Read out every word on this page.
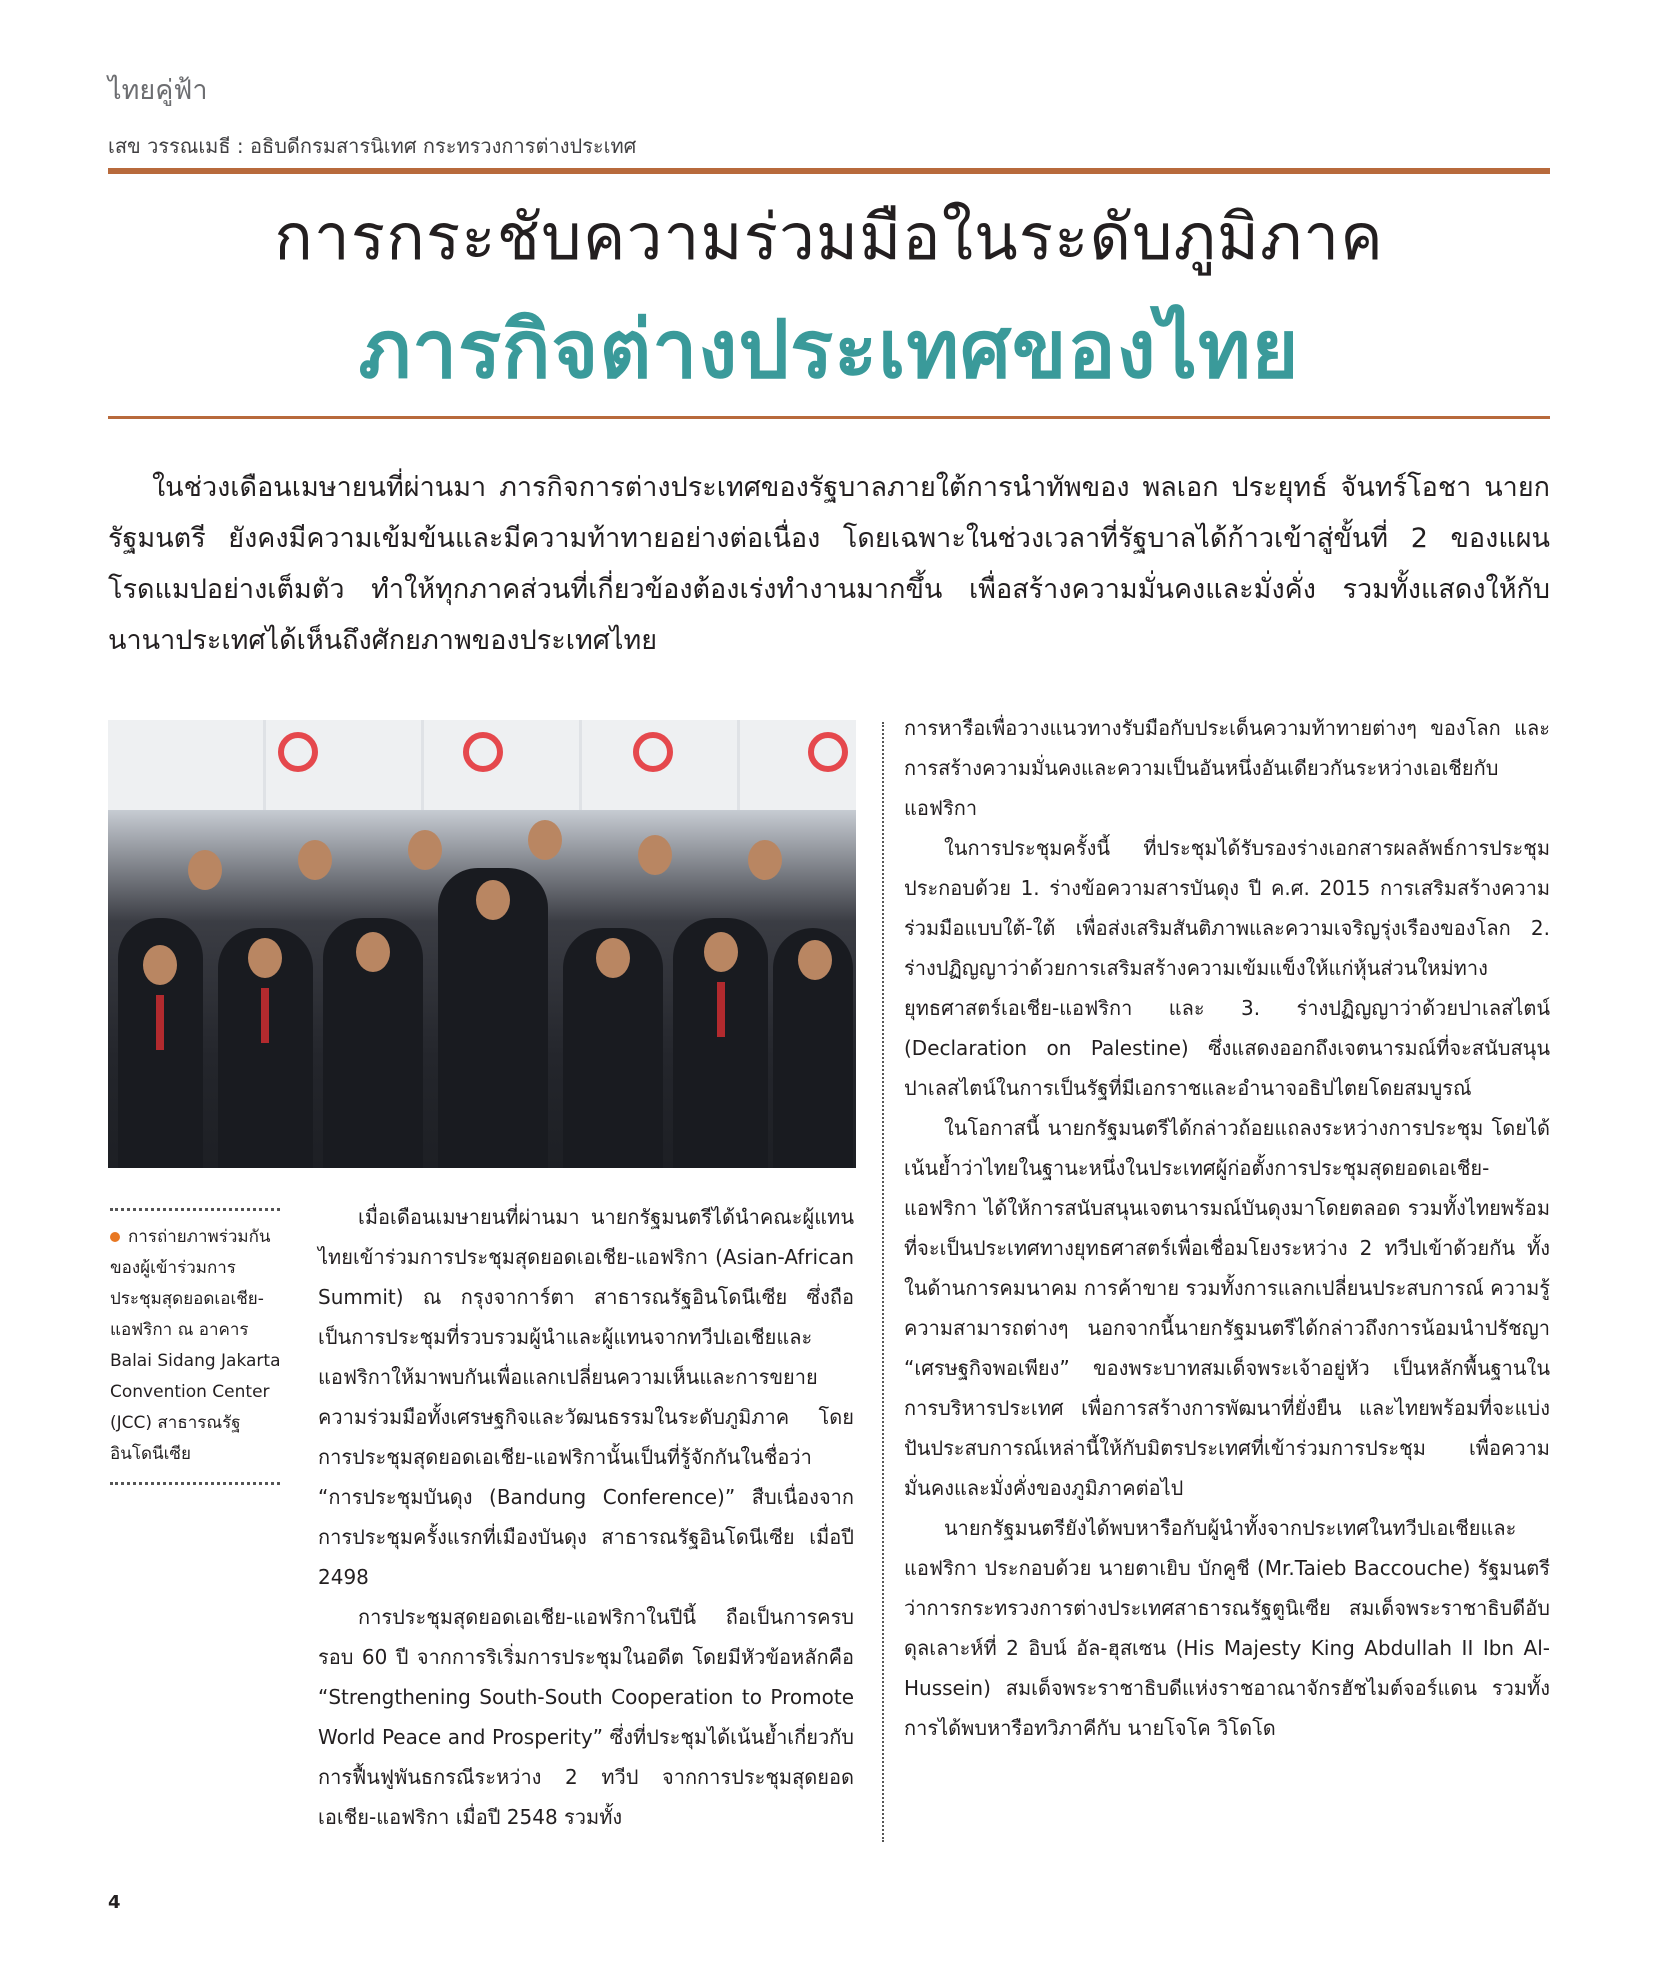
ไทยคู่ฟ้า
เสข วรรณเมธี : อธิบดีกรมสารนิเทศ กระทรวงการต่างประเทศ
การกระชับความร่วมมือในระดับภูมิภาค
ภารกิจต่างประเทศของไทย

ในช่วงเดือนเมษายนที่ผ่านมา ภารกิจการต่างประเทศของรัฐบาลภายใต้การนำทัพของ พลเอก ประยุทธ์ จันทร์โอชา นายกรัฐมนตรี ยังคงมีความเข้มข้นและมีความท้าทายอย่างต่อเนื่อง โดยเฉพาะในช่วงเวลาที่รัฐบาลได้ก้าวเข้าสู่ขั้นที่ 2 ของแผนโรดแมปอย่างเต็มตัว ทำให้ทุกภาคส่วนที่เกี่ยวข้องต้องเร่งทำงานมากขึ้น เพื่อสร้างความมั่นคงและมั่งคั่ง รวมทั้งแสดงให้กับนานาประเทศได้เห็นถึงศักยภาพของประเทศไทย

การถ่ายภาพร่วมกันของผู้เข้าร่วมการประชุมสุดยอดเอเชีย-แอฟริกา ณ อาคาร Balai Sidang Jakarta Convention Center (JCC) สาธารณรัฐอินโดนีเซีย

เมื่อเดือนเมษายนที่ผ่านมา นายกรัฐมนตรีได้นำคณะผู้แทนไทยเข้าร่วมการประชุมสุดยอดเอเชีย-แอฟริกา (Asian-African Summit) ณ กรุงจาการ์ตา สาธารณรัฐอินโดนีเซีย ซึ่งถือเป็นการประชุมที่รวบรวมผู้นำและผู้แทนจากทวีปเอเชียและแอฟริกาให้มาพบกันเพื่อแลกเปลี่ยนความเห็นและการขยายความร่วมมือทั้งเศรษฐกิจและวัฒนธรรมในระดับภูมิภาค โดยการประชุมสุดยอดเอเชีย-แอฟริกานั้นเป็นที่รู้จักกันในชื่อว่า “การประชุมบันดุง (Bandung Conference)” สืบเนื่องจากการประชุมครั้งแรกที่เมืองบันดุง สาธารณรัฐอินโดนีเซีย เมื่อปี 2498

การประชุมสุดยอดเอเชีย-แอฟริกาในปีนี้ ถือเป็นการครบรอบ 60 ปี จากการริเริ่มการประชุมในอดีต โดยมีหัวข้อหลักคือ “Strengthening South-South Cooperation to Promote World Peace and Prosperity” ซึ่งที่ประชุมได้เน้นย้ำเกี่ยวกับการฟื้นฟูพันธกรณีระหว่าง 2 ทวีป จากการประชุมสุดยอดเอเชีย-แอฟริกา เมื่อปี 2548 รวมทั้ง

การหารือเพื่อวางแนวทางรับมือกับประเด็นความท้าทายต่างๆ ของโลก และการสร้างความมั่นคงและความเป็นอันหนึ่งอันเดียวกันระหว่างเอเชียกับแอฟริกา

ในการประชุมครั้งนี้ ที่ประชุมได้รับรองร่างเอกสารผลลัพธ์การประชุม ประกอบด้วย 1. ร่างข้อความสารบันดุง ปี ค.ศ. 2015 การเสริมสร้างความร่วมมือแบบใต้-ใต้ เพื่อส่งเสริมสันติภาพและความเจริญรุ่งเรืองของโลก 2. ร่างปฏิญญาว่าด้วยการเสริมสร้างความเข้มแข็งให้แก่หุ้นส่วนใหม่ทางยุทธศาสตร์เอเชีย-แอฟริกา และ 3. ร่างปฏิญญาว่าด้วยปาเลสไตน์ (Declaration on Palestine) ซึ่งแสดงออกถึงเจตนารมณ์ที่จะสนับสนุนปาเลสไตน์ในการเป็นรัฐที่มีเอกราชและอำนาจอธิปไตยโดยสมบูรณ์

ในโอกาสนี้ นายกรัฐมนตรีได้กล่าวถ้อยแถลงระหว่างการประชุม โดยได้เน้นย้ำว่าไทยในฐานะหนึ่งในประเทศผู้ก่อตั้งการประชุมสุดยอดเอเชีย-แอฟริกา ได้ให้การสนับสนุนเจตนารมณ์บันดุงมาโดยตลอด รวมทั้งไทยพร้อมที่จะเป็นประเทศทางยุทธศาสตร์เพื่อเชื่อมโยงระหว่าง 2 ทวีปเข้าด้วยกัน ทั้งในด้านการคมนาคม การค้าขาย รวมทั้งการแลกเปลี่ยนประสบการณ์ ความรู้ ความสามารถต่างๆ นอกจากนี้นายกรัฐมนตรีได้กล่าวถึงการน้อมนำปรัชญา “เศรษฐกิจพอเพียง” ของพระบาทสมเด็จพระเจ้าอยู่หัว เป็นหลักพื้นฐานในการบริหารประเทศ เพื่อการสร้างการพัฒนาที่ยั่งยืน และไทยพร้อมที่จะแบ่งปันประสบการณ์เหล่านี้ให้กับมิตรประเทศที่เข้าร่วมการประชุม เพื่อความมั่นคงและมั่งคั่งของภูมิภาคต่อไป

นายกรัฐมนตรียังได้พบหารือกับผู้นำทั้งจากประเทศในทวีปเอเชียและแอฟริกา ประกอบด้วย นายตาเยิบ บักคูชี (Mr.Taieb Baccouche) รัฐมนตรีว่าการกระทรวงการต่างประเทศสาธารณรัฐตูนิเซีย สมเด็จพระราชาธิบดีอับดุลเลาะห์ที่ 2 อิบน์ อัล-ฮุสเซน (His Majesty King Abdullah II Ibn Al-Hussein) สมเด็จพระราชาธิบดีแห่งราชอาณาจักรฮัชไมต์จอร์แดน รวมทั้งการได้พบหารือทวิภาคีกับ นายโจโค วิโดโด

4
